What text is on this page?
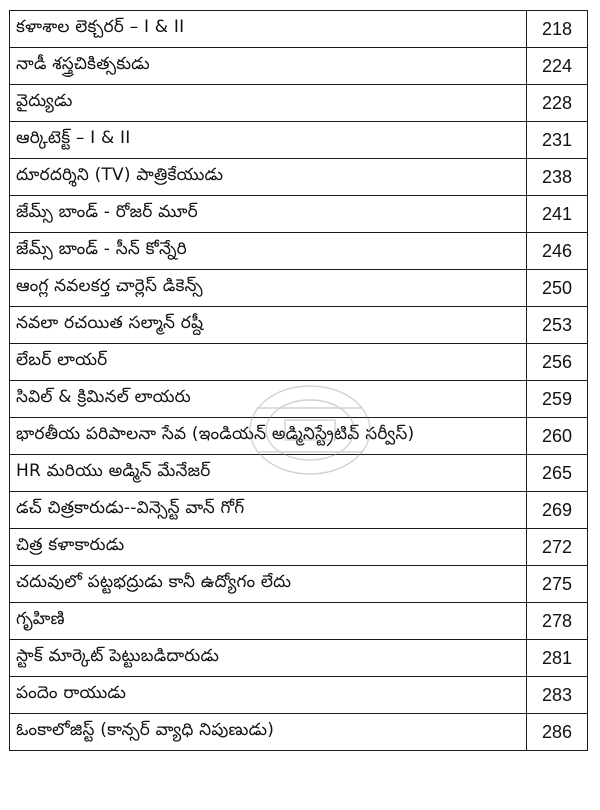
కళాశాల లెక్చరర్ – I & II	218
నాడీ శస్త్రచికిత్సకుడు	224
వైద్యుడు	228
ఆర్కిటెక్ట్ – I & II	231
దూరదర్శిని (TV) పాత్రికేయుడు	238
జేమ్స్ బాండ్ - రోజర్ మూర్	241
జేమ్స్ బాండ్ - సీన్ కోన్నేరి	246
ఆంగ్ల నవలకర్త చార్లెస్ డికెన్స్	250
నవలా రచయిత సల్మాన్ రష్దీ	253
లేబర్ లాయర్	256
సివిల్ & క్రిమినల్ లాయరు	259
భారతీయ పరిపాలనా సేవ (ఇండియన్ అడ్మినిస్ట్రేటివ్ సర్వీస్)	260
HR మరియు అడ్మిన్ మేనేజర్	265
డచ్ చిత్రకారుడు--విన్సెన్ట్ వాన్ గోగ్	269
చిత్ర కళాకారుడు	272
చదువులో పట్టభద్రుడు కానీ ఉద్యోగం లేదు	275
గృహిణి	278
స్టాక్ మార్కెట్ పెట్టుబడిదారుడు	281
పందెం రాయుడు	283
ఓంకాలోజిస్ట్ (కాన్సర్ వ్యాధి నిపుణుడు)	286
